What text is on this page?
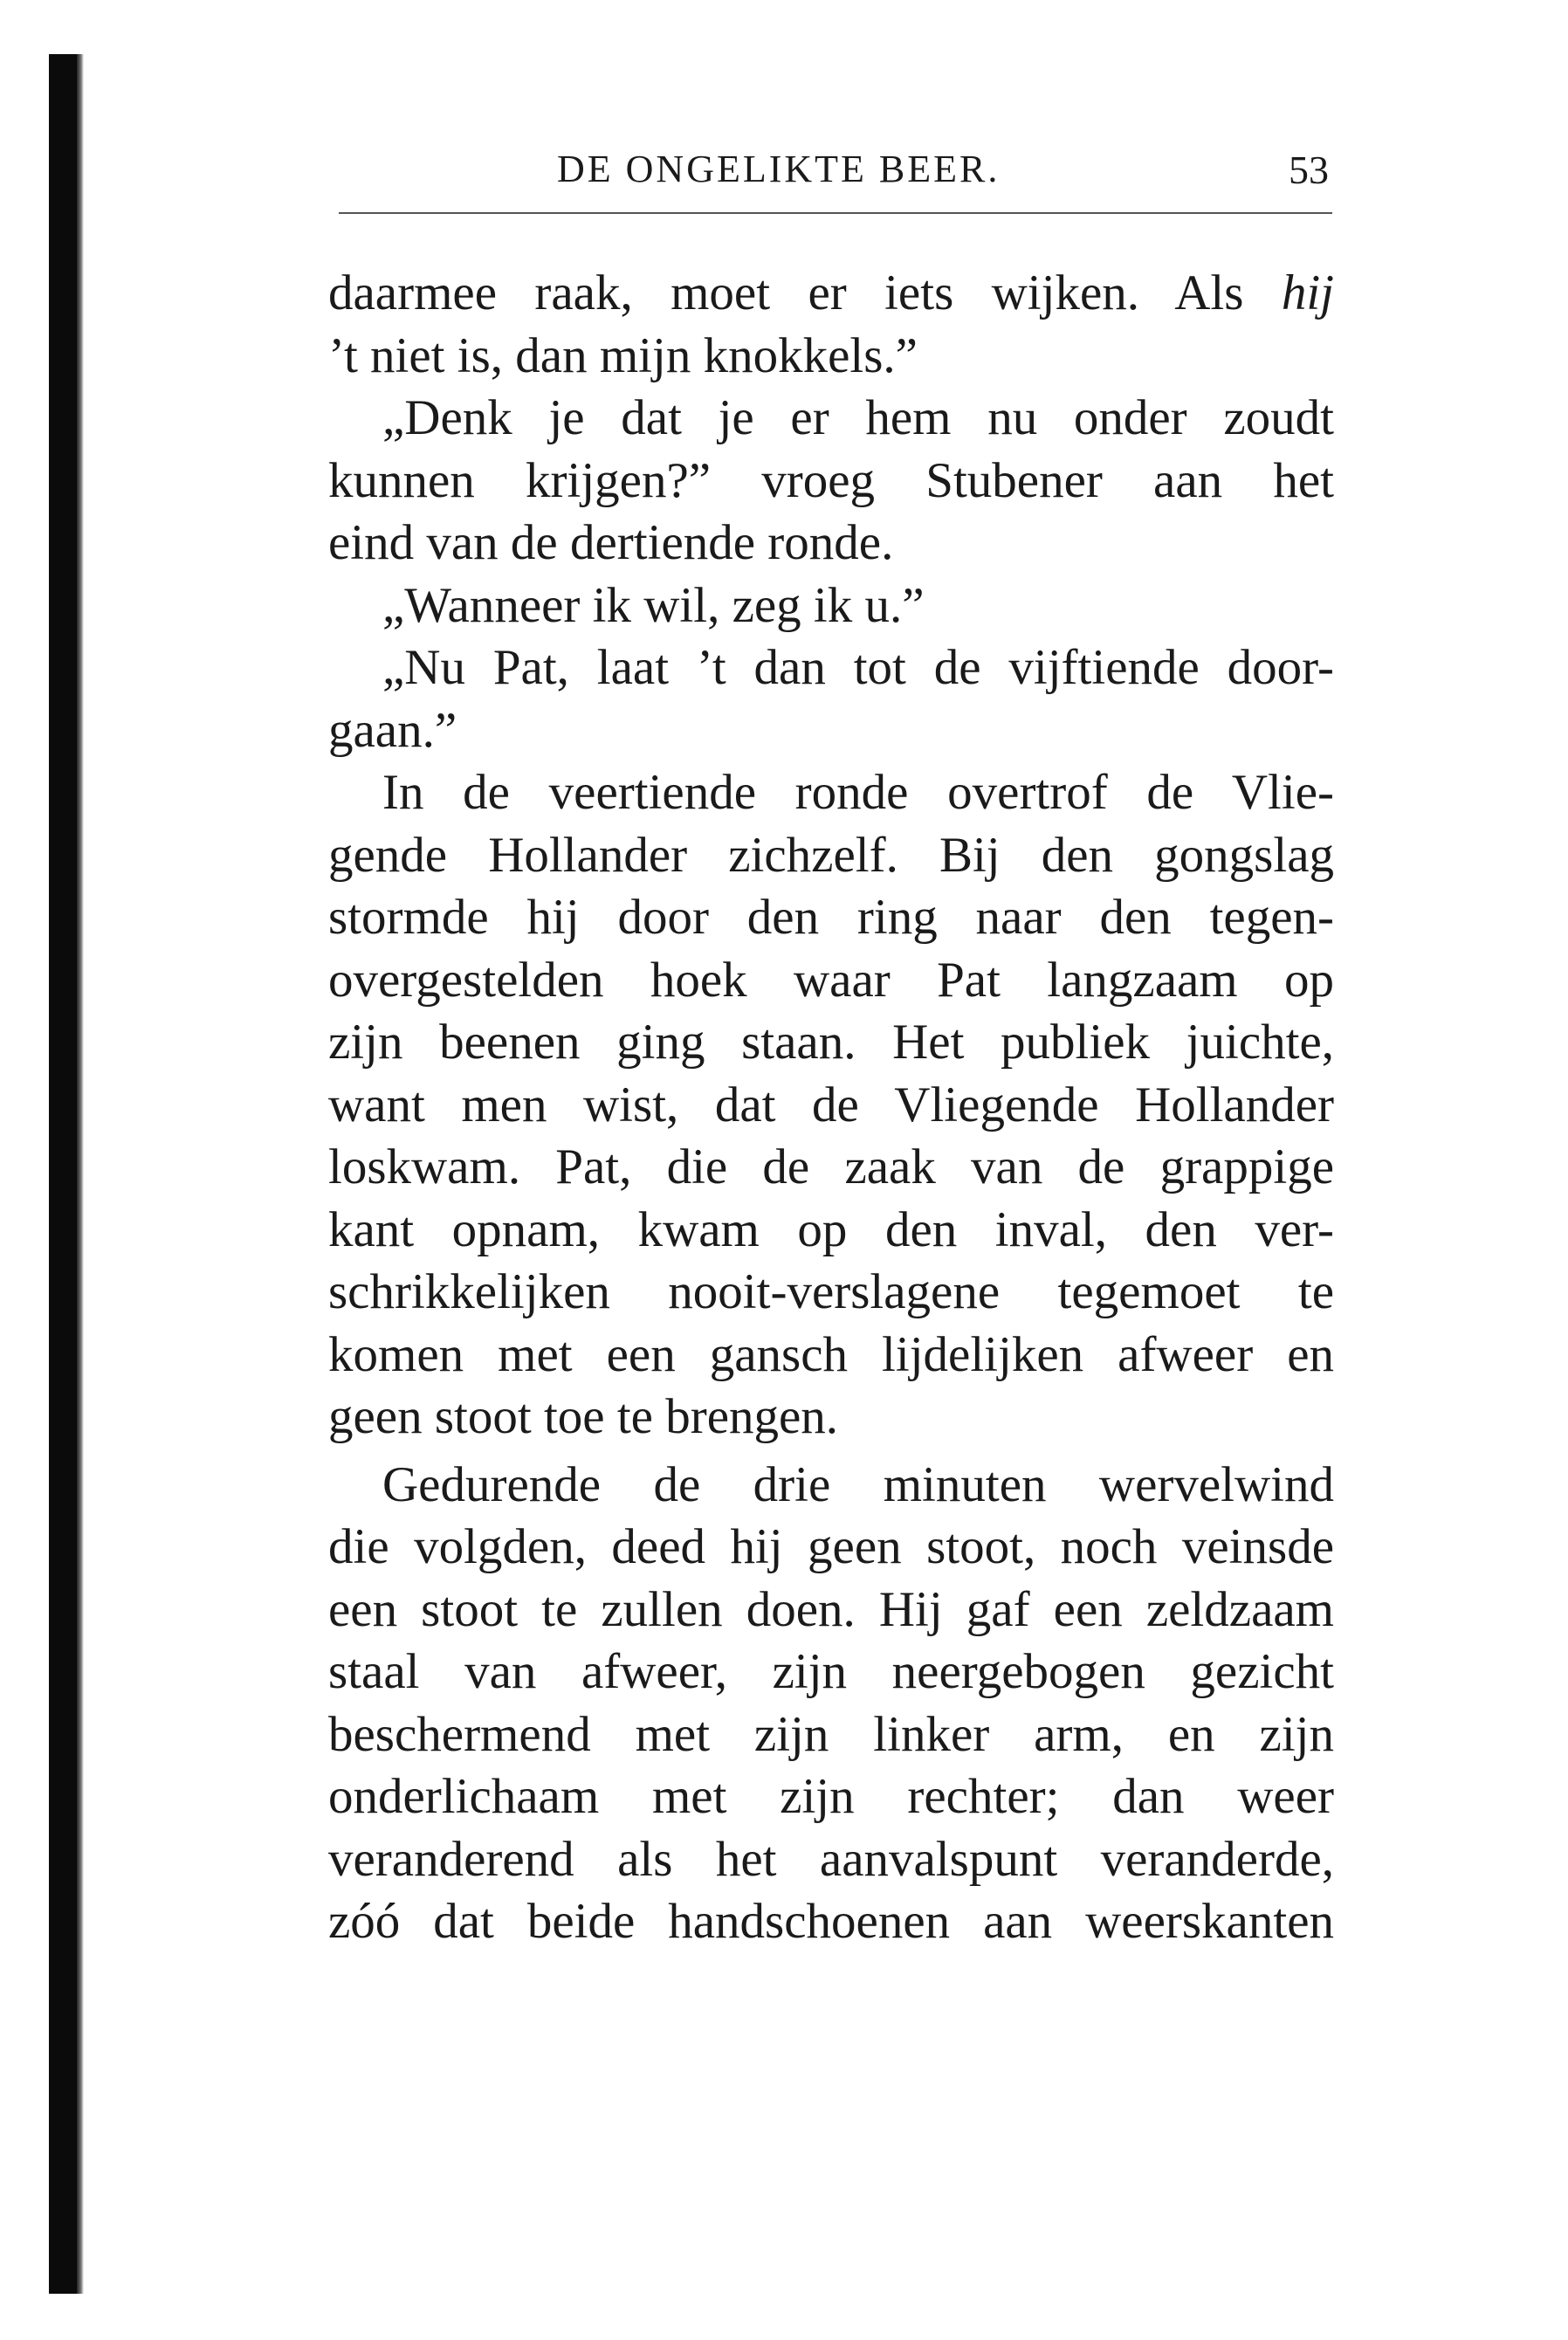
DE ONGELIKTE BEER.	53
daarmee raak, moet er iets wijken. Als hij
’t niet is, dan mijn knokkels.”
„Denk je dat je er hem nu onder zoudt
kunnen krijgen?” vroeg Stubener aan het
eind van de dertiende ronde.
„Wanneer ik wil, zeg ik u.”
„Nu Pat, laat ’t dan tot de vijftiende door-
gaan.”
In de veertiende ronde overtrof de Vlie-
gende Hollander zichzelf. Bij den gongslag
stormde hij door den ring naar den tegen-
overgestelden hoek waar Pat langzaam op
zijn beenen ging staan. Het publiek juichte,
want men wist, dat de Vliegende Hollander
loskwam. Pat, die de zaak van de grappige
kant opnam, kwam op den inval, den ver-
schrikkelijken nooit-verslagene tegemoet te
komen met een gansch lijdelijken afweer en
geen stoot toe te brengen.
Gedurende de drie minuten wervelwind
die volgden, deed hij geen stoot, noch veinsde
een stoot te zullen doen. Hij gaf een zeldzaam
staal van afweer, zijn neergebogen gezicht
beschermend met zijn linker arm, en zijn
onderlichaam met zijn rechter; dan weer
veranderend als het aanvalspunt veranderde,
zóó dat beide handschoenen aan weerskanten
